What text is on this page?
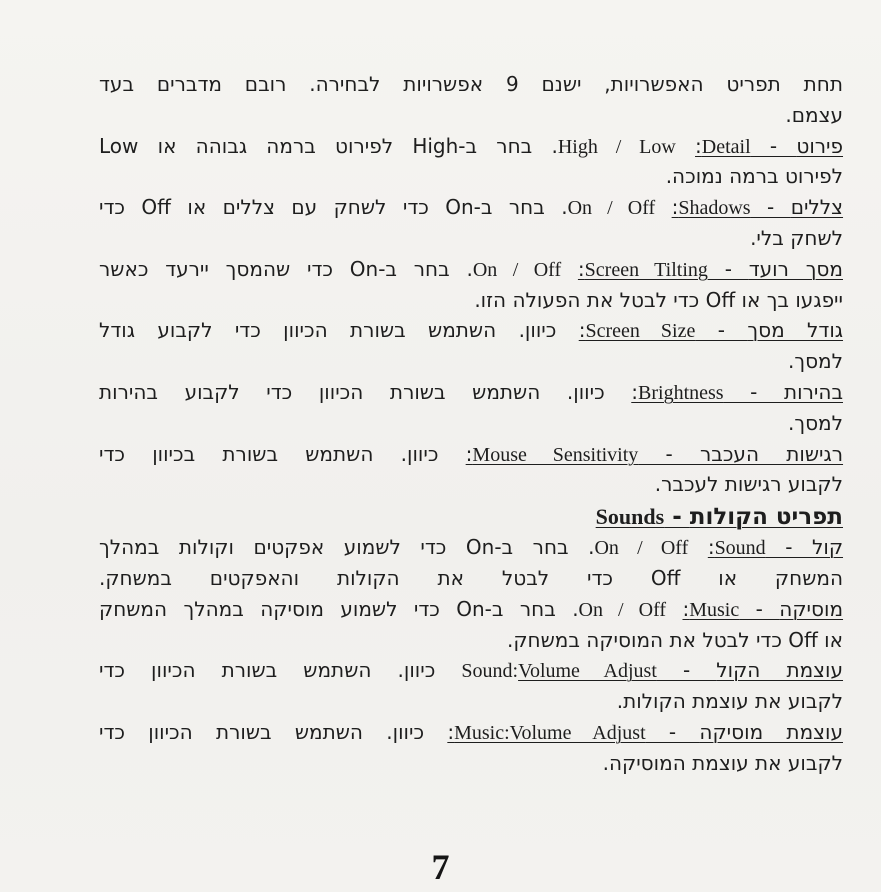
תחת תפריט האפשרויות, ישנם 9 אפשרויות לבחירה. רובם מדברים בעד
עצמם.
פירוט - Detail: High / Low. בחר ב-High לפירוט ברמה גבוהה או Low
לפירוט ברמה נמוכה.
צללים - Shadows: On / Off. בחר ב-On כדי לשחק עם צללים או Off כדי
לשחק בלי.
מסך רועד - Screen Tilting: On / Off. בחר ב-On כדי שהמסך יירעד כאשר
ייפגעו בך או Off כדי לבטל את הפעולה הזו.
גודל מסך - Screen Size: כיוון. השתמש בשורת הכיוון כדי לקבוע גודל
למסך.
בהירות - Brightness: כיוון. השתמש בשורת הכיוון כדי לקבוע בהירות
למסך.
רגישות העכבר - Mouse Sensitivity: כיוון. השתמש בשורת בכיוון כדי
לקבוע רגישות לעכבר.
תפריט הקולות - Sounds
קול - Sound: On / Off. בחר ב-On כדי לשמוע אפקטים וקולות במהלך
המשחק או Off כדי לבטל את הקולות והאפקטים במשחק.
מוסיקה - Music: On / Off. בחר ב-On כדי לשמוע מוסיקה במהלך המשחק
או Off כדי לבטל את המוסיקה במשחק.
עוצמת הקול - Volume AdjustSound: כיוון. השתמש בשורת הכיוון כדי
לקבוע את עוצמת הקולות.
עוצמת מוסיקה - Music:Volume Adjust: כיוון. השתמש בשורת הכיוון כדי
לקבוע את עוצמת המוסיקה.
7
